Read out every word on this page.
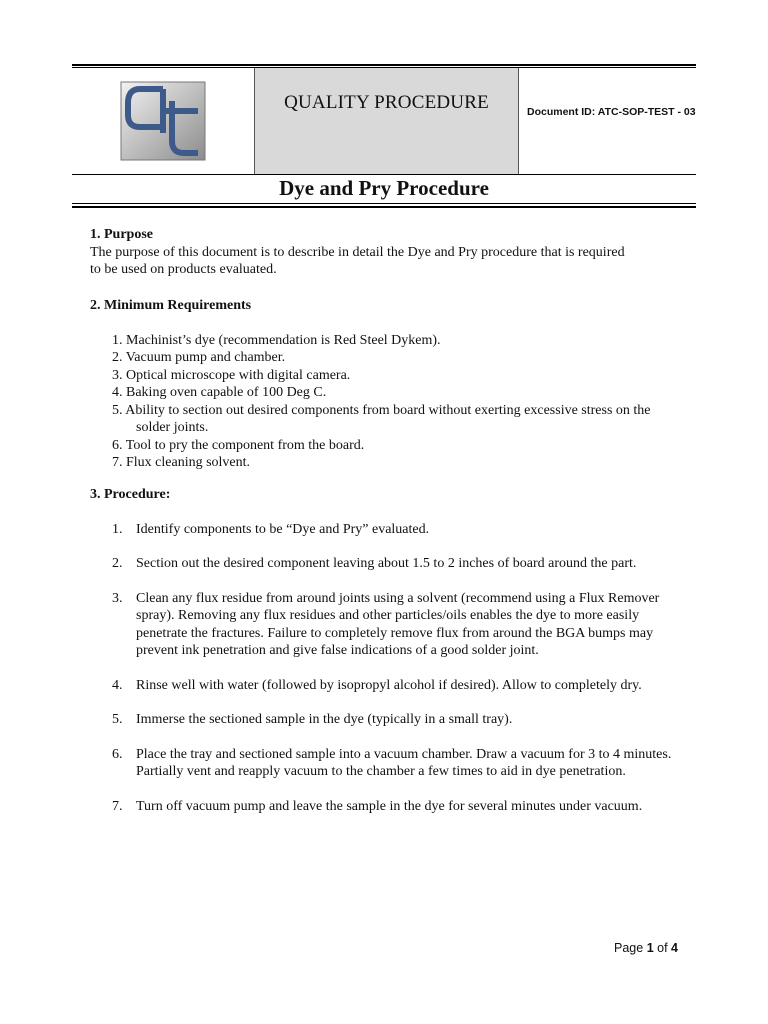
QUALITY PROCEDURE	Document ID: ATC-SOP-TEST - 03
Dye and Pry Procedure

1. Purpose

The purpose of this document is to describe in detail the Dye and Pry procedure that is required

to be used on products evaluated.

2. Minimum Requirements

1. Machinist’s dye (recommendation is Red Steel Dykem).
2. Vacuum pump and chamber.
3. Optical microscope with digital camera.
4. Baking oven capable of 100 Deg C.
5. Ability to section out desired components from board without exerting excessive stress on the solder joints.
6. Tool to pry the component from the board.
7. Flux cleaning solvent.

3. Procedure:

1. Identify components to be “Dye and Pry” evaluated.
2. Section out the desired component leaving about 1.5 to 2 inches of board around the part.
3. Clean any flux residue from around joints using a solvent (recommend using a Flux Remover spray). Removing any flux residues and other particles/oils enables the dye to more easily penetrate the fractures. Failure to completely remove flux from around the BGA bumps may prevent ink penetration and give false indications of a good solder joint.
4. Rinse well with water (followed by isopropyl alcohol if desired). Allow to completely dry.
5. Immerse the sectioned sample in the dye (typically in a small tray).
6. Place the tray and sectioned sample into a vacuum chamber. Draw a vacuum for 3 to 4 minutes. Partially vent and reapply vacuum to the chamber a few times to aid in dye penetration.
7. Turn off vacuum pump and leave the sample in the dye for several minutes under vacuum.
Page 1 of 4
